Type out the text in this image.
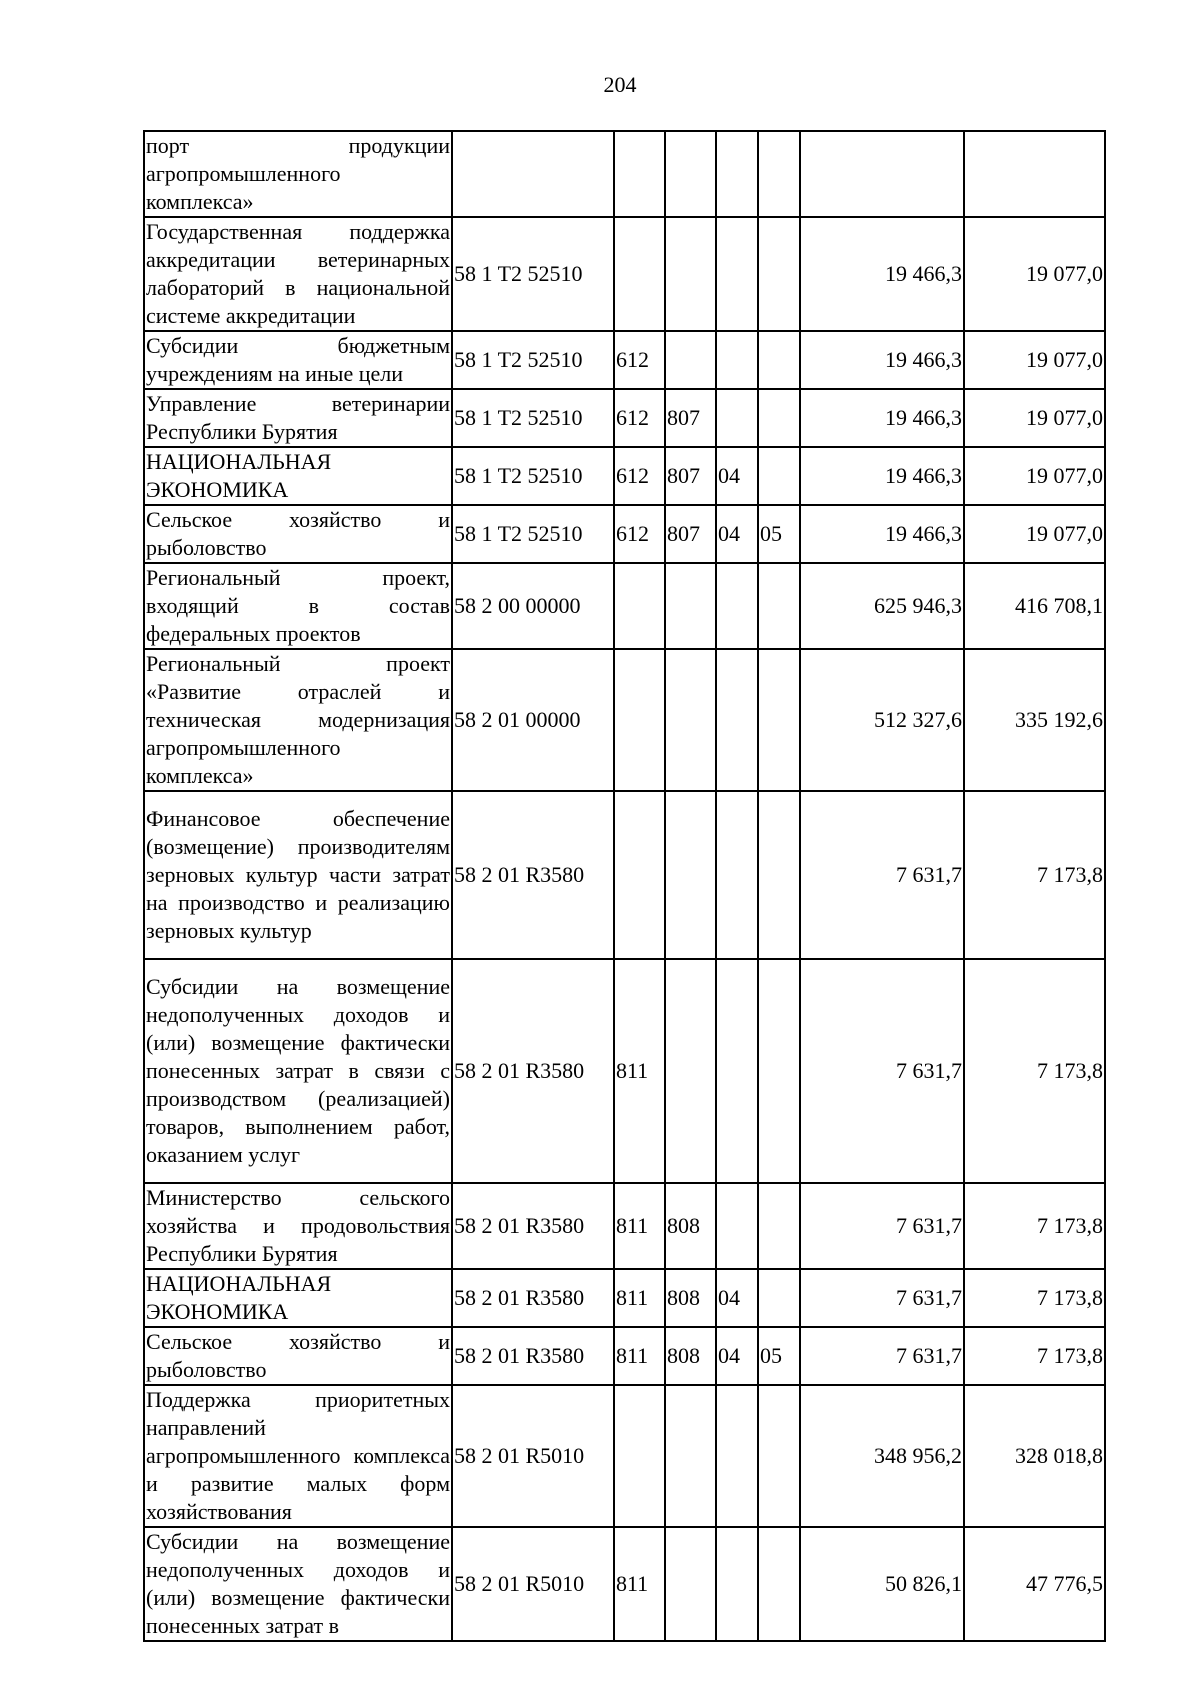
204
порт продукции агропромышленного комплекса»							
Государственная поддержка аккредитации ветеринарных лабораторий в национальной системе аккредитации	58 1 T2 52510					19 466,3	19 077,0
Субсидии бюджетным учреждениям на иные цели	58 1 T2 52510	612				19 466,3	19 077,0
Управление ветеринарии Республики Бурятия	58 1 T2 52510	612	807			19 466,3	19 077,0
НАЦИОНАЛЬНАЯ ЭКОНОМИКА	58 1 T2 52510	612	807	04		19 466,3	19 077,0
Сельское хозяйство и рыболовство	58 1 T2 52510	612	807	04	05	19 466,3	19 077,0
Региональный проект, входящий в состав федеральных проектов	58 2 00 00000					625 946,3	416 708,1
Региональный проект «Развитие отраслей и техническая модернизация агропромышленного комплекса»	58 2 01 00000					512 327,6	335 192,6
Финансовое обеспечение (возмещение) производителям зерновых культур части затрат на производство и реализацию зерновых культур	58 2 01 R3580					7 631,7	7 173,8
Субсидии на возмещение недополученных доходов и (или) возмещение фактически понесенных затрат в связи с производством (реализацией) товаров, выполнением работ, оказанием услуг	58 2 01 R3580	811				7 631,7	7 173,8
Министерство сельского хозяйства и продовольствия Республики Бурятия	58 2 01 R3580	811	808			7 631,7	7 173,8
НАЦИОНАЛЬНАЯ ЭКОНОМИКА	58 2 01 R3580	811	808	04		7 631,7	7 173,8
Сельское хозяйство и рыболовство	58 2 01 R3580	811	808	04	05	7 631,7	7 173,8
Поддержка приоритетных направлений агропромышленного комплекса и развитие малых форм хозяйствования	58 2 01 R5010					348 956,2	328 018,8
Субсидии на возмещение недополученных доходов и (или) возмещение фактически понесенных затрат в	58 2 01 R5010	811				50 826,1	47 776,5
